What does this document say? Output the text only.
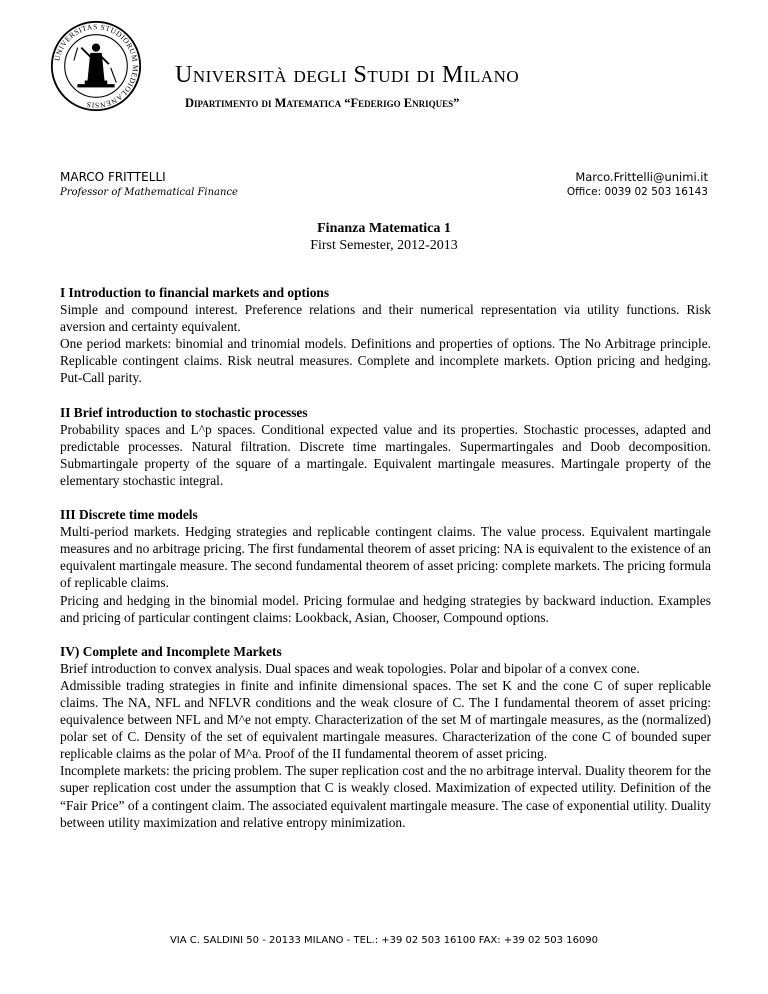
UNIVERSITAS STUDIORUM MEDIOLANENSIS
Università degli Studi di Milano
Dipartimento di Matematica “Federigo Enriques”
MARCO FRITTELLI
Professor of Mathematical Finance
Marco.Frittelli@unimi.it
Office: 0039 02 503 16143
Finanza Matematica 1
First Semester, 2012-2013
I Introduction to financial markets and options

Simple and compound interest. Preference relations and their numerical representation via utility functions. Risk aversion and certainty equivalent.

One period markets: binomial and trinomial models. Definitions and properties of options. The No Arbitrage principle. Replicable contingent claims. Risk neutral measures. Complete and incomplete markets. Option pricing and hedging. Put-Call parity.

II Brief introduction to stochastic processes

Probability spaces and L^p spaces. Conditional expected value and its properties. Stochastic processes, adapted and predictable processes. Natural filtration. Discrete time martingales. Supermartingales and Doob decomposition. Submartingale property of the square of a martingale. Equivalent martingale measures. Martingale property of the elementary stochastic integral.

III Discrete time models

Multi-period markets. Hedging strategies and replicable contingent claims. The value process. Equivalent martingale measures and no arbitrage pricing. The first fundamental theorem of asset pricing: NA is equivalent to the existence of an equivalent martingale measure. The second fundamental theorem of asset pricing: complete markets. The pricing formula of replicable claims.

Pricing and hedging in the binomial model. Pricing formulae and hedging strategies by backward induction. Examples and pricing of particular contingent claims: Lookback, Asian, Chooser, Compound options.

IV) Complete and Incomplete Markets

Brief introduction to convex analysis. Dual spaces and weak topologies. Polar and bipolar of a convex cone.

Admissible trading strategies in finite and infinite dimensional spaces. The set K and the cone C of super replicable claims. The NA, NFL and NFLVR conditions and the weak closure of C. The I fundamental theorem of asset pricing: equivalence between NFL and M^e not empty. Characterization of the set M of martingale measures, as the (normalized) polar set of C. Density of the set of equivalent martingale measures. Characterization of the cone C of bounded super replicable claims as the polar of M^a. Proof of the II fundamental theorem of asset pricing.

Incomplete markets: the pricing problem. The super replication cost and the no arbitrage interval. Duality theorem for the super replication cost under the assumption that C is weakly closed. Maximization of expected utility. Definition of the “Fair Price” of a contingent claim. The associated equivalent martingale measure. The case of exponential utility. Duality between utility maximization and relative entropy minimization.

VIA C. SALDINI 50 - 20133 MILANO - TEL.: +39 02 503 16100 FAX: +39 02 503 16090
